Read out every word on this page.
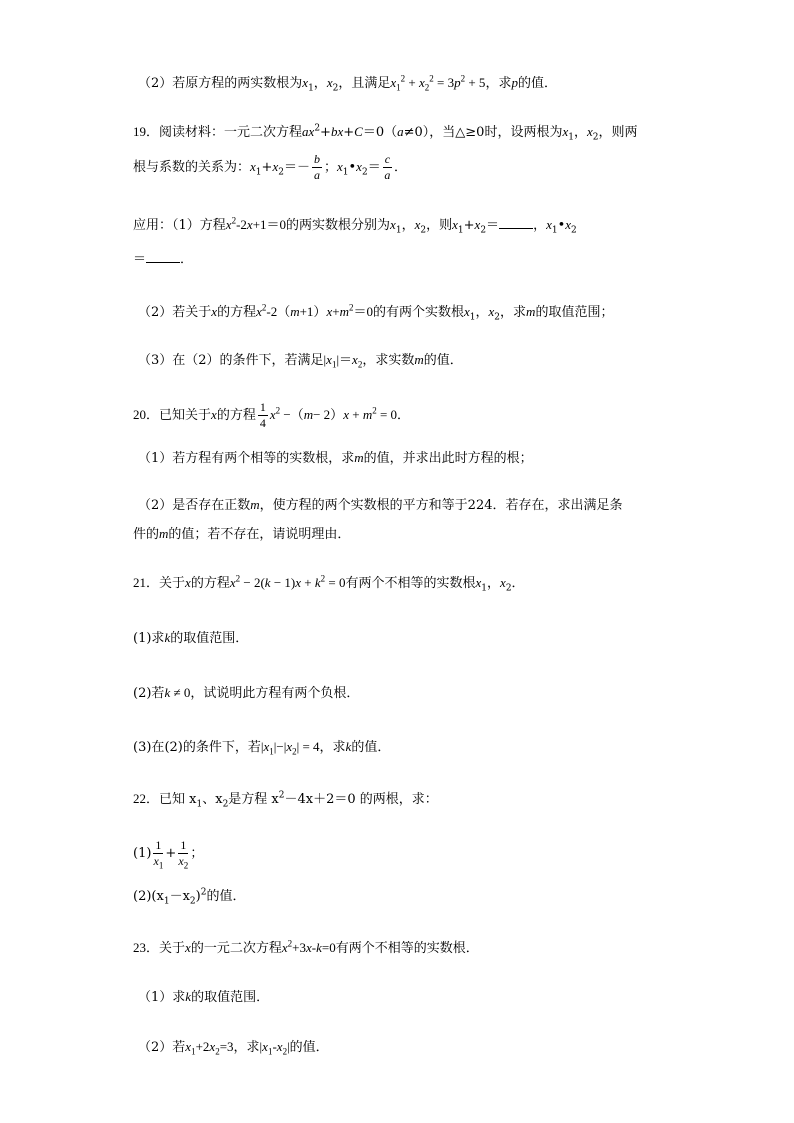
（2）若原方程的两实数根为$x_1$，$x_2$，且满足$x_1^2 + x_2^2 = 3p^2 + 5$，求p的值．
19．阅读材料：一元二次方程$ax^2+bx+C=0(a\ne 0)$，当△≥0时，设两根为$x_1$，$x_2$，则两
根与系数的关系为：$x_1+x_2=- \frac{b}{a}$ ；$x_1•x_2= \frac{c}{a}$ ．
应用：（1）方程$x^2-2x+1=0$的两实数根分别为$x_1$，$x_2$，则$x_1+x_2=$	，$x_1•x_2$
＝	．
（2）若关于x的方程$x^2-2(m+1)x+m^2=0$的有两个实数根$x_1$，$x_2$，求m的取值范围；
（3）在（2）的条件下，若满足$|x_1|=x_2$，求实数m的值．
20．已知关于x的方程 $\frac{1}{4} x^2 -(m- 2)x + m^2 = 0$．
（1）若方程有两个相等的实数根，求m的值，并求出此时方程的根；
（2）是否存在正数m，使方程的两个实数根的平方和等于224．若存在，求出满足条
件的m的值；若不存在，请说明理由．
21．关于x的方程$x^2 - 2(k - 1)x + k^2 = 0$有两个不相等的实数根$x_1$，$x_2$．
(1)求k的取值范围．
(2)若k ≠ 0，试说明此方程有两个负根．
(3)在(2)的条件下，若$|x_1|-|x_2| = 4$，求k的值．
22．已知 $x_1$、$x_2$是方程 $x^2-4x+2=0$ 的两根，求：
$(1) \frac{1}{x_1} + \frac{1}{x_2}$ ；
$(2)(x_1-x_2)^2$的值．
23．关于x的一元二次方程$x^2+3x-k=0$有两个不相等的实数根．
（1）求k的取值范围．
（2）若$x_1+2x_2=3$，求$|x_1-x_2|$的值．
